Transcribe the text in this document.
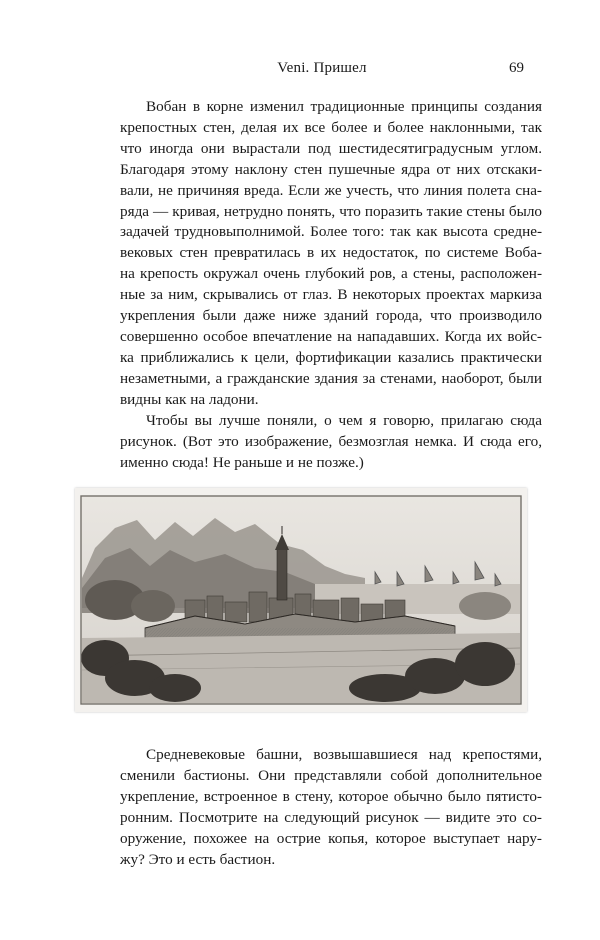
Veni. Пришел	69
Вобан в корне изменил традиционные принципы создания
крепостных стен, делая их все более и более наклонными, так
что иногда они вырастали под шестидесятиградусным углом.
Благодаря этому наклону стен пушечные ядра от них отскаки-
вали, не причиняя вреда. Если же учесть, что линия полета сна-
ряда — кривая, нетрудно понять, что поразить такие стены было
задачей трудновыполнимой. Более того: так как высота средне-
вековых стен превратилась в их недостаток, по системе Воба-
на крепость окружал очень глубокий ров, а стены, расположен-
ные за ним, скрывались от глаз. В некоторых проектах маркиза
укрепления были даже ниже зданий города, что производило
совершенно особое впечатление на нападавших. Когда их войс-
ка приближались к цели, фортификации казались практически
незаметными, а гражданские здания за стенами, наоборот, были
видны как на ладони.
Чтобы вы лучше поняли, о чем я говорю, прилагаю сюда
рисунок. (Вот это изображение, безмозглая немка. И сюда его,
именно сюда! Не раньше и не позже.)
Средневековые башни, возвышавшиеся над крепостями,
сменили бастионы. Они представляли собой дополнительное
укрепление, встроенное в стену, которое обычно было пятисто-
ронним. Посмотрите на следующий рисунок — видите это со-
оружение, похожее на острие копья, которое выступает нару-
жу? Это и есть бастион.
